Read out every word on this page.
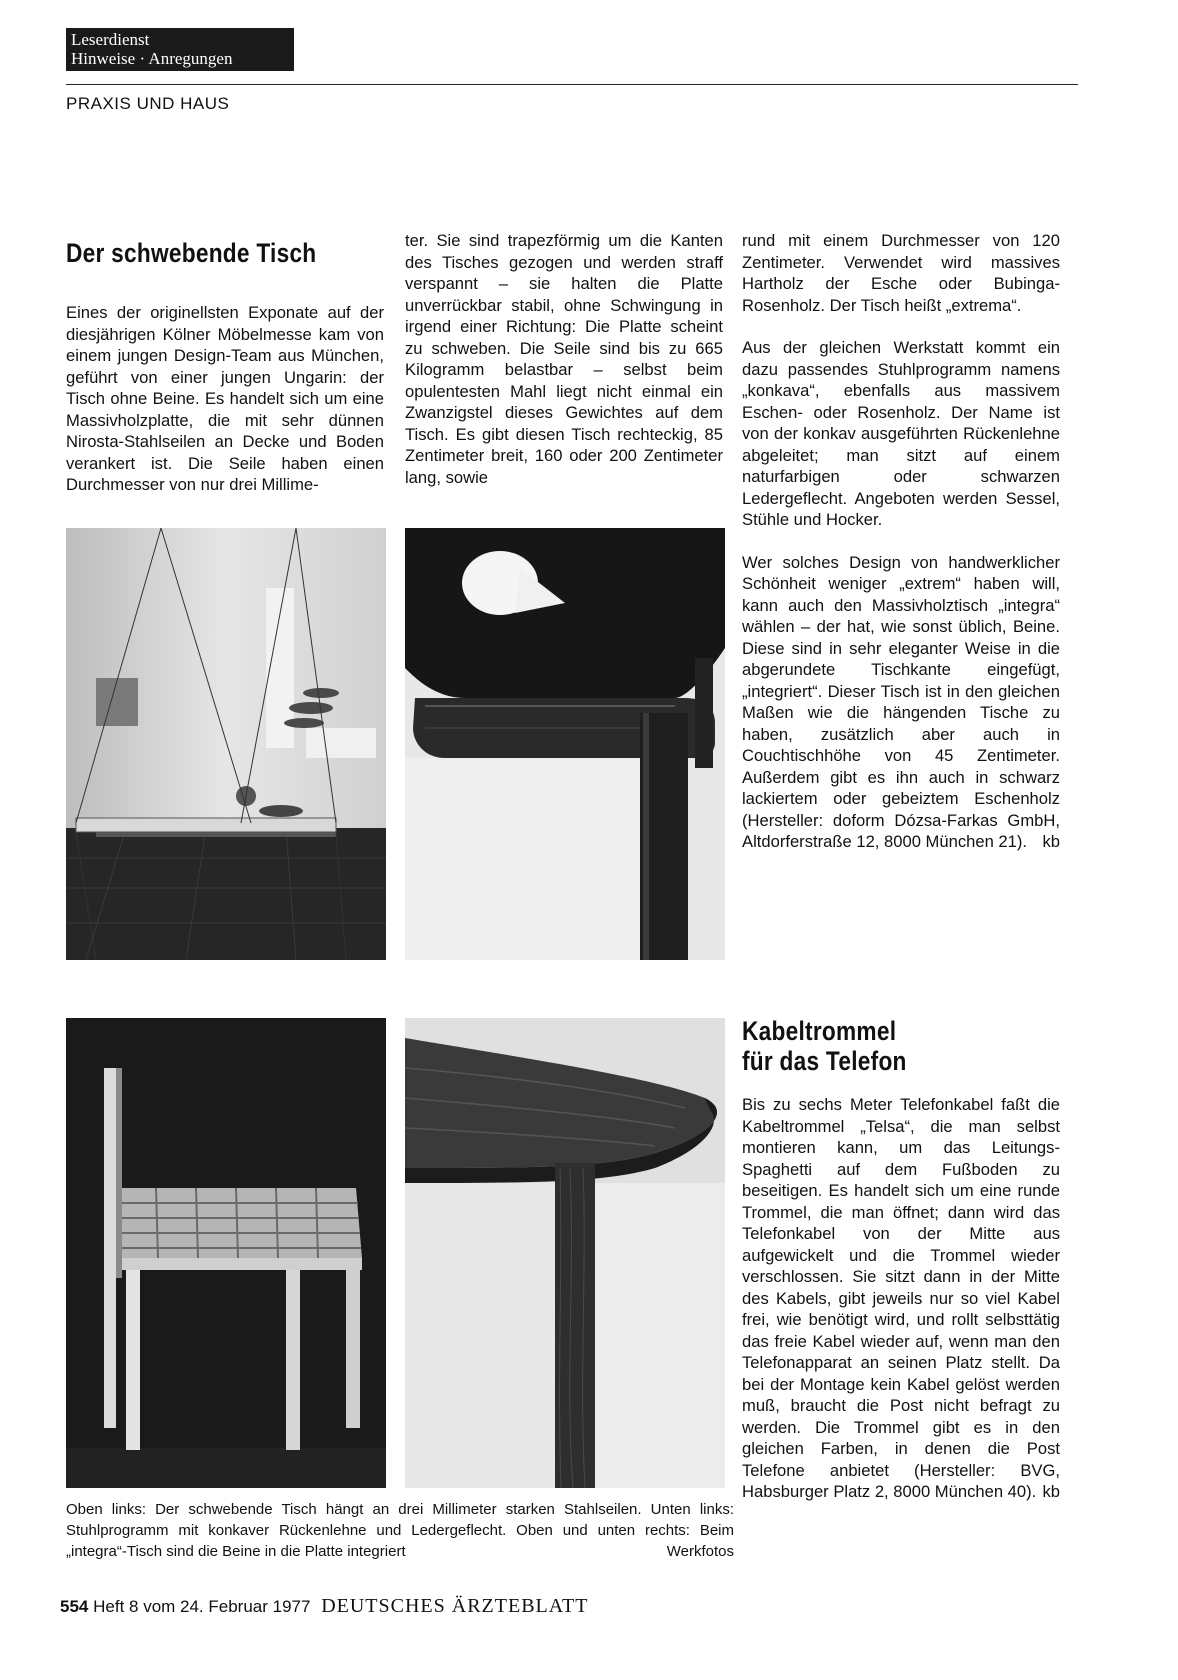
Leserdienst
Hinweise · Anregungen
PRAXIS UND HAUS
Der schwebende Tisch

Eines der originellsten Exponate auf der diesjährigen Kölner Möbelmesse kam von einem jungen Design-Team aus München, geführt von einer jungen Ungarin: der Tisch ohne Beine. Es handelt sich um eine Massivholzplatte, die mit sehr dünnen Nirosta-Stahlseilen an Decke und Boden verankert ist. Die Seile haben einen Durchmesser von nur drei Millime-

ter. Sie sind trapezförmig um die Kanten des Tisches gezogen und werden straff verspannt – sie halten die Platte unverrückbar stabil, ohne Schwingung in irgend einer Richtung: Die Platte scheint zu schweben. Die Seile sind bis zu 665 Kilogramm belastbar – selbst beim opulentesten Mahl liegt nicht einmal ein Zwanzigstel dieses Gewichtes auf dem Tisch. Es gibt diesen Tisch rechteckig, 85 Zentimeter breit, 160 oder 200 Zentimeter lang, sowie

rund mit einem Durchmesser von 120 Zentimeter. Verwendet wird massives Hartholz der Esche oder Bubinga-Rosenholz. Der Tisch heißt „extrema“.

Aus der gleichen Werkstatt kommt ein dazu passendes Stuhlprogramm namens „konkava“, ebenfalls aus massivem Eschen- oder Rosenholz. Der Name ist von der konkav ausgeführten Rückenlehne abgeleitet; man sitzt auf einem naturfarbigen oder schwarzen Ledergeflecht. Angeboten werden Sessel, Stühle und Hocker.

Wer solches Design von handwerklicher Schönheit weniger „extrem“ haben will, kann auch den Massivholztisch „integra“ wählen – der hat, wie sonst üblich, Beine. Diese sind in sehr eleganter Weise in die abgerundete Tischkante eingefügt, „integriert“. Dieser Tisch ist in den gleichen Maßen wie die hängenden Tische zu haben, zusätzlich aber auch in Couchtischhöhe von 45 Zentimeter. Außerdem gibt es ihn auch in schwarz lackiertem oder gebeiztem Eschenholz (Hersteller: doform Dózsa-Farkas GmbH, Altdorferstraße 12, 8000 München 21). kb

Oben links: Der schwebende Tisch hängt an drei Millimeter starken Stahlseilen. Unten links: Stuhlprogramm mit konkaver Rückenlehne und Ledergeflecht. Oben und unten rechts: Beim „integra“-Tisch sind die Beine in die Platte integriert	Werkfotos
Kabeltrommel
für das Telefon

Bis zu sechs Meter Telefonkabel faßt die Kabeltrommel „Telsa“, die man selbst montieren kann, um das Leitungs-Spaghetti auf dem Fußboden zu beseitigen. Es handelt sich um eine runde Trommel, die man öffnet; dann wird das Telefonkabel von der Mitte aus aufgewickelt und die Trommel wieder verschlossen. Sie sitzt dann in der Mitte des Kabels, gibt jeweils nur so viel Kabel frei, wie benötigt wird, und rollt selbsttätig das freie Kabel wieder auf, wenn man den Telefonapparat an seinen Platz stellt. Da bei der Montage kein Kabel gelöst werden muß, braucht die Post nicht befragt zu werden. Die Trommel gibt es in den gleichen Farben, in denen die Post Telefone anbietet (Hersteller: BVG, Habsburger Platz 2, 8000 München 40). kb

554 Heft 8 vom 24. Februar 1977 DEUTSCHES ÄRZTEBLATT
